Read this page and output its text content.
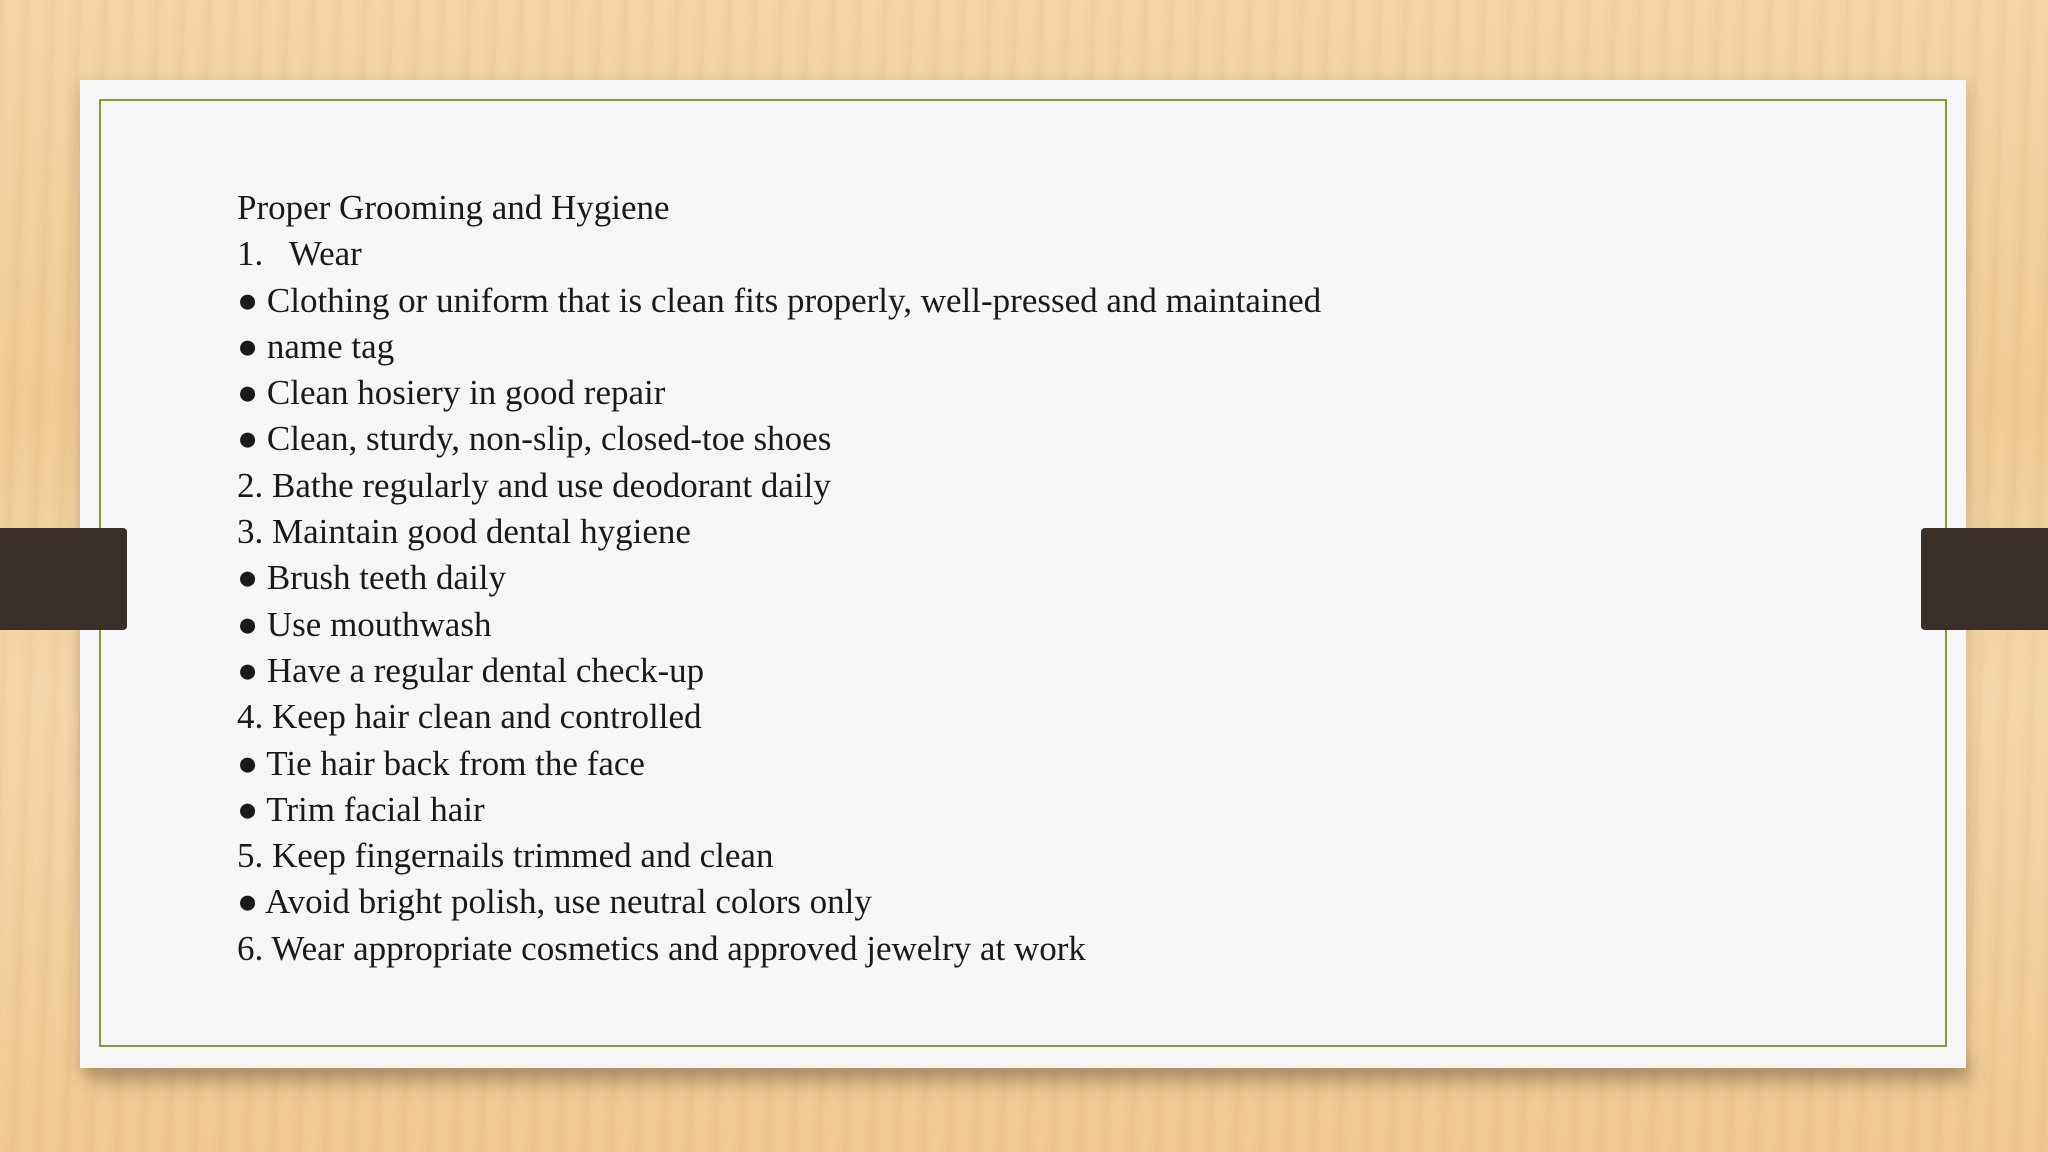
Proper Grooming and Hygiene
1.   Wear
● Clothing or uniform that is clean fits properly, well-pressed and maintained
● name tag
● Clean hosiery in good repair
● Clean, sturdy, non-slip, closed-toe shoes
2. Bathe regularly and use deodorant daily
3. Maintain good dental hygiene
● Brush teeth daily
● Use mouthwash
● Have a regular dental check-up
4. Keep hair clean and controlled
● Tie hair back from the face
● Trim facial hair
5. Keep fingernails trimmed and clean
● Avoid bright polish, use neutral colors only
6. Wear appropriate cosmetics and approved jewelry at work
